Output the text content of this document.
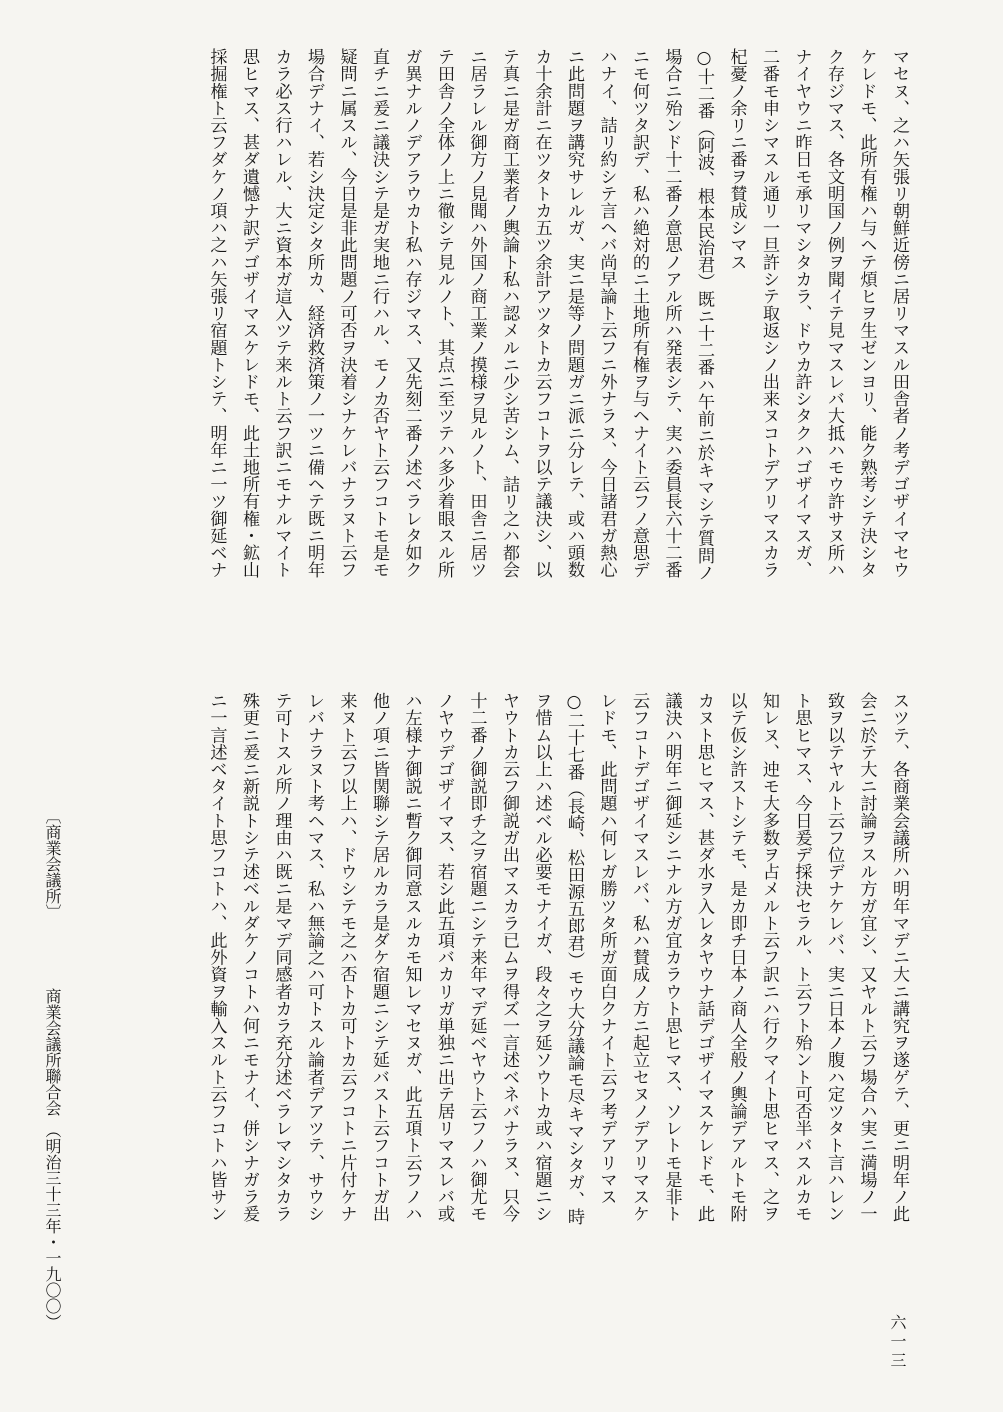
マセヌ、之ハ矢張リ朝鮮近傍ニ居リマスル田舎者ノ考デゴザイマセウ
ケレドモ、此所有権ハ与ヘテ煩ヒヲ生ゼンヨリ、能ク熟考シテ決シタ
ク存ジマス、各文明国ノ例ヲ聞イテ見マスレバ大抵ハモウ許サヌ所ハ
ナイヤウニ昨日モ承リマシタカラ、ドウカ許シタクハゴザイマスガ、
二番モ申シマスル通リ一旦許シテ取返シノ出来ヌコトデアリマスカラ
杞憂ノ余リニ番ヲ賛成シマス
○十二番（阿波、根本民治君）既ニ十二番ハ午前ニ於キマシテ質問ノ
場合ニ殆ンド十二番ノ意思ノアル所ハ発表シテ、実ハ委員長六十二番
ニモ何ツタ訳デ、私ハ絶対的ニ土地所有権ヲ与ヘナイト云フノ意思デ
ハナイ、詰リ約シテ言ヘバ尚早論ト云フニ外ナラヌ、今日諸君ガ熱心
ニ此問題ヲ講究サレルガ、実ニ是等ノ問題ガニ派ニ分レテ、或ハ頭数
カ十余計ニ在ツタトカ五ツ余計アツタトカ云フコトヲ以テ議決シ、以
テ真ニ是ガ商工業者ノ輿論ト私ハ認メルニ少シ苦シム、詰リ之ハ都会
ニ居ラレル御方ノ見聞ハ外国ノ商工業ノ摸様ヲ見ルノト、田舎ニ居ツ
テ田舎ノ全体ノ上ニ徹シテ見ルノト、其点ニ至ツテハ多少着眼スル所
ガ異ナルノデアラウカト私ハ存ジマス、又先刻二番ノ述ベラレタ如ク
直チニ爰ニ議決シテ是ガ実地ニ行ハル、モノカ否ヤト云フコトモ是モ
疑問ニ属スル、今日是非此問題ノ可否ヲ決着シナケレバナラヌト云フ
場合デナイ、若シ決定シタ所カ、経済救済策ノ一ツニ備ヘテ既ニ明年
カラ必ス行ハレル、大ニ資本ガ這入ツテ来ルト云フ訳ニモナルマイト
思ヒマス、甚ダ遺憾ナ訳デゴザイマスケレドモ、此土地所有権・鉱山
採掘権ト云フダケノ項ハ之ハ矢張リ宿題トシテ、明年ニ一ツ御延ベナ
スツテ、各商業会議所ハ明年マデニ大ニ講究ヲ遂ゲテ、更ニ明年ノ此
会ニ於テ大ニ討論ヲスル方ガ宜シ、又ヤルト云フ場合ハ実ニ満場ノ一
致ヲ以テヤルト云フ位デナケレバ、実ニ日本ノ腹ハ定ツタト言ハレン
ト思ヒマス、今日爰デ採決セラル、ト云フト殆ント可否半バスルカモ
知レヌ、迚モ大多数ヲ占メルト云フ訳ニハ行クマイト思ヒマス、之ヲ
以テ仮シ許ストシテモ、是カ即チ日本ノ商人全般ノ輿論デアルトモ附
カヌト思ヒマス、甚ダ水ヲ入レタヤウナ話デゴザイマスケレドモ、此
議決ハ明年ニ御延シニナル方ガ宜カラウト思ヒマス、ソレトモ是非ト
云フコトデゴザイマスレバ、私ハ賛成ノ方ニ起立セヌノデアリマスケ
レドモ、此問題ハ何レガ勝ツタ所ガ面白クナイト云フ考デアリマス
○二十七番（長崎、松田源五郎君）モウ大分議論モ尽キマシタガ、時
ヲ惜ム以上ハ述ベル必要モナイガ、段々之ヲ延ソウトカ或ハ宿題ニシ
ヤウトカ云フ御説ガ出マスカラ已ムヲ得ズ一言述ベネバナラヌ、只今
十二番ノ御説即チ之ヲ宿題ニシテ来年マデ延ベヤウト云フノハ御尤モ
ノヤウデゴザイマス、若シ此五項バカリガ単独ニ出テ居リマスレバ或
ハ左様ナ御説ニ暫ク御同意スルカモ知レマセヌガ、此五項ト云フノハ
他ノ項ニ皆関聯シテ居ルカラ是ダケ宿題ニシテ延バスト云フコトガ出
来ヌト云フ以上ハ、ドウシテモ之ハ否トカ可トカ云フコトニ片付ケナ
レバナラヌト考ヘマス、私ハ無論之ハ可トスル論者デアツテ、サウシ
テ可トスル所ノ理由ハ既ニ是マデ同感者カラ充分述ベラレマシタカラ
殊更ニ爰ニ新説トシテ述ベルダケノコトハ何ニモナイ、併シナガラ爰
ニ一言述ベタイト思フコトハ、此外資ヲ輸入スルト云フコトハ皆サン
〔商業会議所〕
商業会議所聯合会
（明治三十三年・一九〇〇）
六一三
